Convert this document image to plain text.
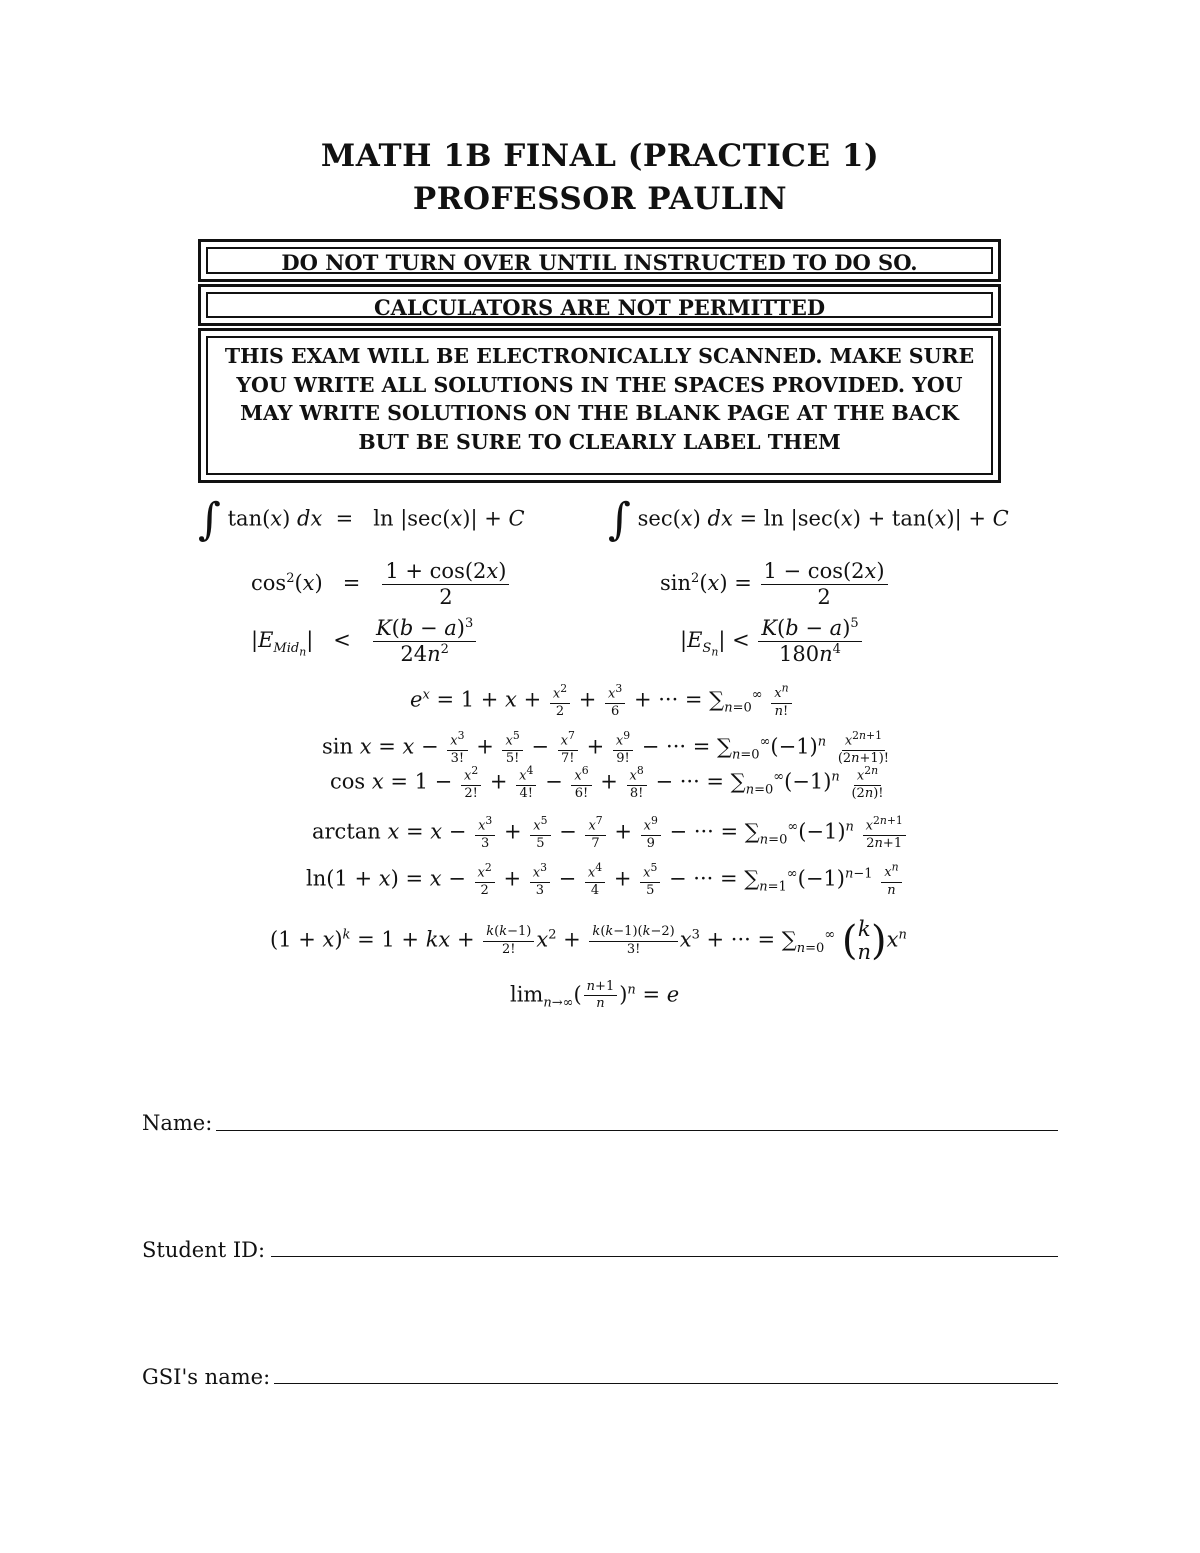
MATH 1B FINAL (PRACTICE 1)
PROFESSOR PAULIN
DO NOT TURN OVER UNTIL INSTRUCTED TO DO SO.
CALCULATORS ARE NOT PERMITTED
THIS EXAM WILL BE ELECTRONICALLY SCANNED. MAKE SURE YOU WRITE ALL SOLUTIONS IN THE SPACES PROVIDED. YOU MAY WRITE SOLUTIONS ON THE BLANK PAGE AT THE BACK BUT BE SURE TO CLEARLY LABEL THEM
∫ tan(x) dx  =   ln |sec(x)| + C ∫ sec(x) dx = ln |sec(x) + tan(x)| + C
$\cos^2(x) = \frac{1 + \cos(2x)}{2}$	$\sin^2(x) = \frac{1 - \cos(2x)}{2}$
$|E_{Mid_n}| < \frac{K(b - a)^3}{24n^2}$	$|E_{S_n}| < \frac{K(b - a)^5}{180n^4}$
$e^x = 1 + x + \frac{x^2}{2} + \frac{x^3}{6}$ + ··· = $\sum_{n=0}^\infty \frac{x^n}{n!}$
$\sin x = x - \frac{x^3}{3!} + \frac{x^5}{5!} - \frac{x^7}{7!} + \frac{x^9}{9!}$ − ··· = $\sum_{n=0}^\infty(-1)^n \frac{x^{2n+1}}{(2n+1)!}$
$\cos x = 1 - \frac{x^2}{2!} + \frac{x^4}{4!} - \frac{x^6}{6!} + \frac{x^8}{8!}$ − ··· = $\sum_{n=0}^\infty(-1)^n \frac{x^{2n}}{(2n)!}$
$\arctan x = x - \frac{x^3}{3} + \frac{x^5}{5} - \frac{x^7}{7} + \frac{x^9}{9}$ − ··· = $\sum_{n=0}^\infty(-1)^n \frac{x^{2n+1}}{2n+1}$
$\ln(1 + x) = x - \frac{x^2}{2} + \frac{x^3}{3} - \frac{x^4}{4} + \frac{x^5}{5}$ − ··· = $\sum_{n=1}^\infty(-1)^{n-1} \frac{x^n}{n}$
$(1 + x)^k = 1$ + kx + $\frac{k(k-1)}{2!} x^2 + \frac{k(k-1)(k-2)}{3!} x^3$ + ··· = $\sum_{n=0}^\infty$ ( k
n )$x^n$
$\lim_{n\to\infty}( \frac{n+1}{n} )^n = e$
Name:
Student ID:
GSI's name:
